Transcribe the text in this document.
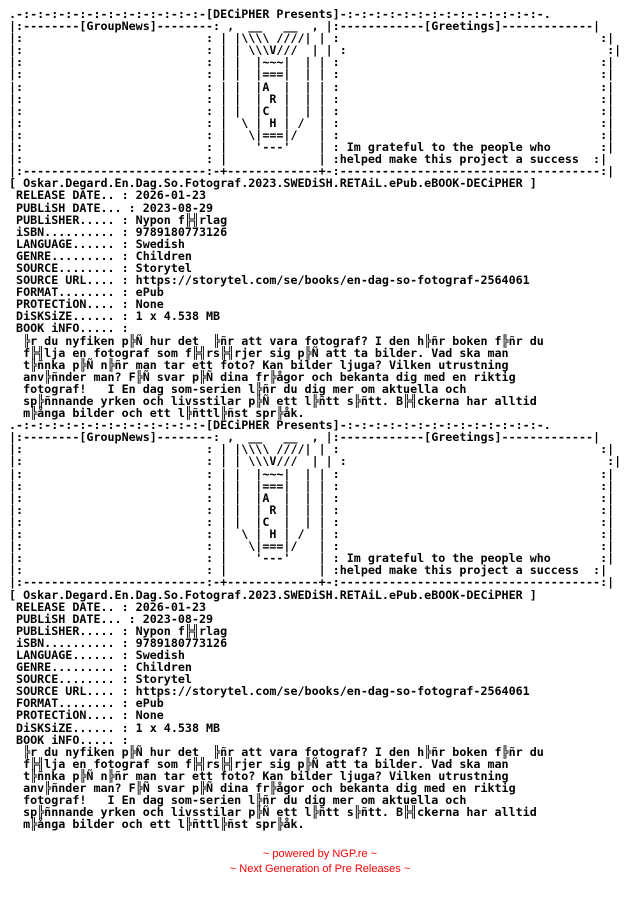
.-:-:-:-:-:-:-:-:-:-:-:-:-:-[DECiPHER Presents]-:-:-:-:-:-:-:-:-:-:-:-:-:-:-.
|:--------[GroupNews]--------: ,  __   __  , |:------------[Greetings]-------------|
|:                          : | |\\\\ ////| | :                                     :|
|:                          : | | \\\V///  | | :                                     :|
|:                          : | |  |~~~|  | | :                                     :|
|:                          : | |  |===|  | | :                                     :|
|:                          : | |  |A  |  | | :                                     :|
|:                          : | |  | R |  | | :                                     :|
|:                          : | |  |C  |  | | :                                     :|
|:                          : |  \ | H | /  | :                                     :|
|:                          : |   \|===|/   | :                                     :|
|:                          : |    '---'    | : Im grateful to the people who       :|
|:                          : |             | :helped make this project a success  :|
|:--------------------------:-+-------------+-:-------------------------------------:|
[ Oskar.Degard.En.Dag.So.Fotograf.2023.SWEDiSH.RETAiL.ePub.eBOOK-DECiPHER ]
RELEASE DATE.. : 2026-01-23
PUBLiSH DATE... : 2023-08-29
PUBLiSHER..... : Nypon f╠╣rlag
iSBN.......... : 9789180773126
LANGUAGE...... : Swedish
GENRE......... : Children
SOURCE........ : Storytel
SOURCE URL.... : https://storytel.com/se/books/en-dag-so-fotograf-2564061
FORMAT........ : ePub
PROTECTiON.... : None
DiSKSiZE...... : 1 x 4.538 MB
BOOK iNFO..... :
╠r du nyfiken p╠Ñ hur det  ╠ñr att vara fotograf? I den h╠ñr boken f╠ñr du
f╠╣lja en fotograf som f╠╣rs╠╣rjer sig p╠Ñ att ta bilder. Vad ska man
t╠ñnka p╠Ñ n╠ñr man tar ett foto? Kan bilder ljuga? Vilken utrustning
anv╠ñnder man? F╠Ñ svar p╠Ñ dina fr╠ågor och bekanta dig med en riktig
fotograf!   I En dag som-serien l╠ñr du dig mer om aktuella och
sp╠ñnnande yrken och livsstilar p╠Ñ ett l╠ñtt s╠ñtt. B╠╣ckerna har alltid
m╠ånga bilder och ett l╠ñttl╠ñst spr╠åk.
.-:-:-:-:-:-:-:-:-:-:-:-:-:-[DECiPHER Presents]-:-:-:-:-:-:-:-:-:-:-:-:-:-:-.
|:--------[GroupNews]--------: ,  __   __  , |:------------[Greetings]-------------|
|:                          : | |\\\\ ////| | :                                     :|
|:                          : | | \\\V///  | | :                                     :|
|:                          : | |  |~~~|  | | :                                     :|
|:                          : | |  |===|  | | :                                     :|
|:                          : | |  |A  |  | | :                                     :|
|:                          : | |  | R |  | | :                                     :|
|:                          : | |  |C  |  | | :                                     :|
|:                          : |  \ | H | /  | :                                     :|
|:                          : |   \|===|/   | :                                     :|
|:                          : |    '---'    | : Im grateful to the people who       :|
|:                          : |             | :helped make this project a success  :|
|:--------------------------:-+-------------+-:-------------------------------------:|
[ Oskar.Degard.En.Dag.So.Fotograf.2023.SWEDiSH.RETAiL.ePub.eBOOK-DECiPHER ]
RELEASE DATE.. : 2026-01-23
PUBLiSH DATE... : 2023-08-29
PUBLiSHER..... : Nypon f╠╣rlag
iSBN.......... : 9789180773126
LANGUAGE...... : Swedish
GENRE......... : Children
SOURCE........ : Storytel
SOURCE URL.... : https://storytel.com/se/books/en-dag-so-fotograf-2564061
FORMAT........ : ePub
PROTECTiON.... : None
DiSKSiZE...... : 1 x 4.538 MB
BOOK iNFO..... :
╠r du nyfiken p╠Ñ hur det  ╠ñr att vara fotograf? I den h╠ñr boken f╠ñr du
f╠╣lja en fotograf som f╠╣rs╠╣rjer sig p╠Ñ att ta bilder. Vad ska man
t╠ñnka p╠Ñ n╠ñr man tar ett foto? Kan bilder ljuga? Vilken utrustning
anv╠ñnder man? F╠Ñ svar p╠Ñ dina fr╠ågor och bekanta dig med en riktig
fotograf!   I En dag som-serien l╠ñr du dig mer om aktuella och
sp╠ñnnande yrken och livsstilar p╠Ñ ett l╠ñtt s╠ñtt. B╠╣ckerna har alltid
m╠ånga bilder och ett l╠ñttl╠ñst spr╠åk.
~ powered by NGP.re ~
~ Next Generation of Pre Releases ~
